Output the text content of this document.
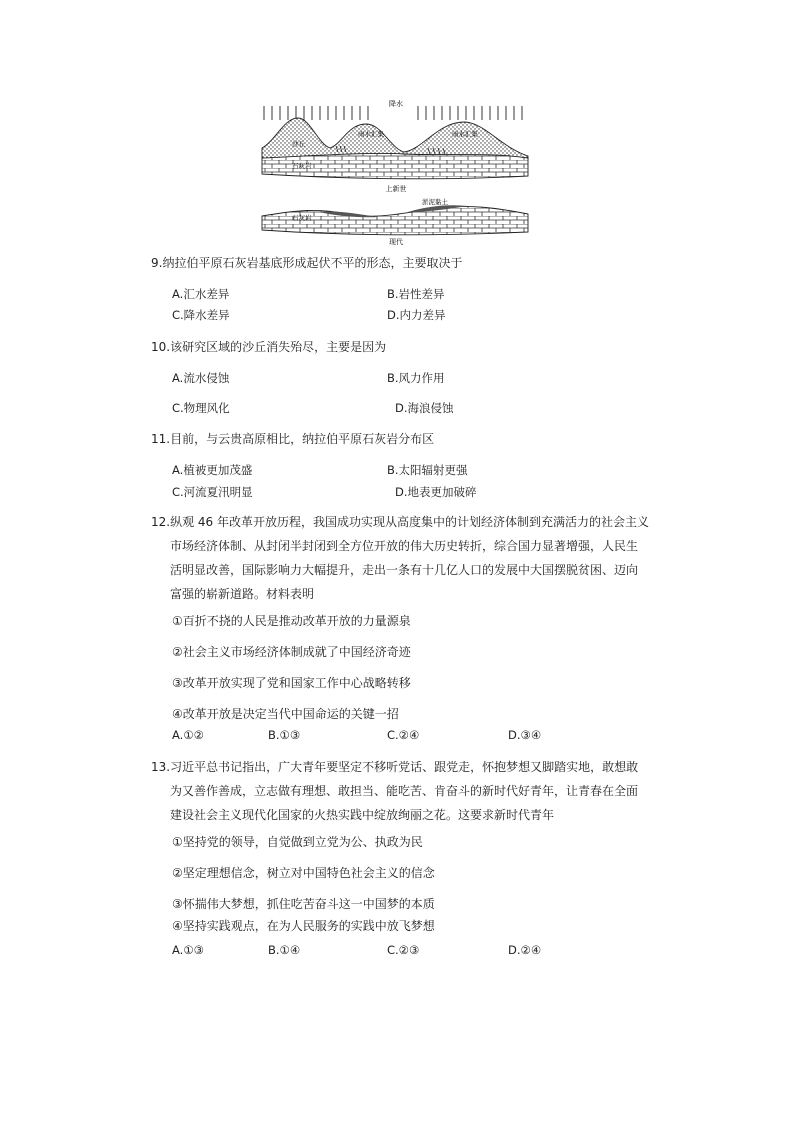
降水
雨水汇集	雨水汇集
沙丘
石灰岩
上新世
石灰岩
淤泥黏土
现代
9.纳拉伯平原石灰岩基底形成起伏不平的形态，主要取决于
A.汇水差异	B.岩性差异
C.降水差异	D.内力差异
10.该研究区域的沙丘消失殆尽，主要是因为
A.流水侵蚀	B.风力作用
C.物理风化	D.海浪侵蚀
11.目前，与云贵高原相比，纳拉伯平原石灰岩分布区
A.植被更加茂盛	B.太阳辐射更强
C.河流夏汛明显	D.地表更加破碎
12.纵观 46 年改革开放历程，我国成功实现从高度集中的计划经济体制到充满活力的社会主义
市场经济体制、从封闭半封闭到全方位开放的伟大历史转折，综合国力显著增强，人民生
活明显改善，国际影响力大幅提升，走出一条有十几亿人口的发展中大国摆脱贫困、迈向
富强的崭新道路。材料表明
①百折不挠的人民是推动改革开放的力量源泉
②社会主义市场经济体制成就了中国经济奇迹
③改革开放实现了党和国家工作中心战略转移
④改革开放是决定当代中国命运的关键一招
A.①②	B.①③	C.②④	D.③④
13.习近平总书记指出，广大青年要坚定不移听党话、跟党走，怀抱梦想又脚踏实地，敢想敢
为又善作善成，立志做有理想、敢担当、能吃苦、肯奋斗的新时代好青年，让青春在全面
建设社会主义现代化国家的火热实践中绽放绚丽之花。这要求新时代青年
①坚持党的领导，自觉做到立党为公、执政为民
②坚定理想信念，树立对中国特色社会主义的信念
③怀揣伟大梦想，抓住吃苦奋斗这一中国梦的本质
④坚持实践观点，在为人民服务的实践中放飞梦想
A.①③	B.①④	C.②③	D.②④
